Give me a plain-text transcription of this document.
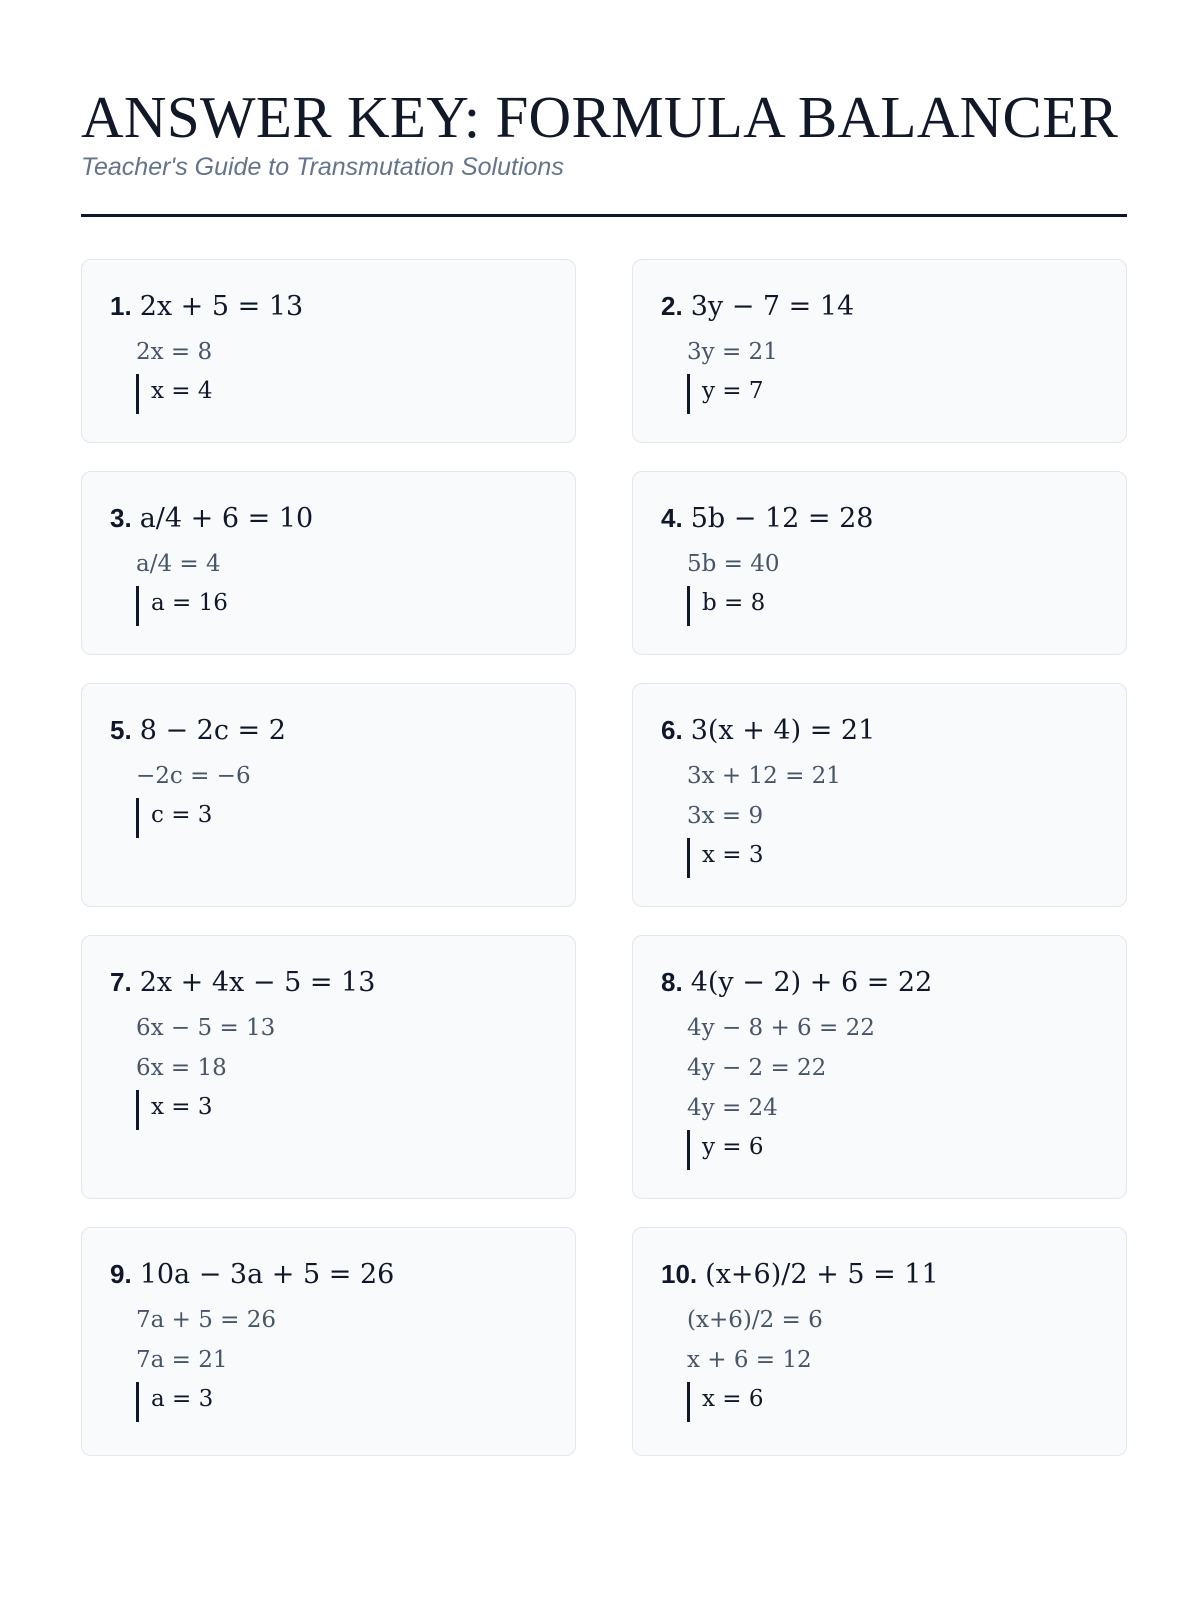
ANSWER KEY: FORMULA BALANCER
Teacher's Guide to Transmutation Solutions
1. 2x + 5 = 13
2x = 8
x = 4
2. 3y − 7 = 14
3y = 21
y = 7
3. a/4 + 6 = 10
a/4 = 4
a = 16
4. 5b − 12 = 28
5b = 40
b = 8
5. 8 − 2c = 2
−2c = −6
c = 3
6. 3(x + 4) = 21
3x + 12 = 21
3x = 9
x = 3
7. 2x + 4x − 5 = 13
6x − 5 = 13
6x = 18
x = 3
8. 4(y − 2) + 6 = 22
4y − 8 + 6 = 22
4y − 2 = 22
4y = 24
y = 6
9. 10a − 3a + 5 = 26
7a + 5 = 26
7a = 21
a = 3
10. (x+6)/2 + 5 = 11
(x+6)/2 = 6
x + 6 = 12
x = 6
